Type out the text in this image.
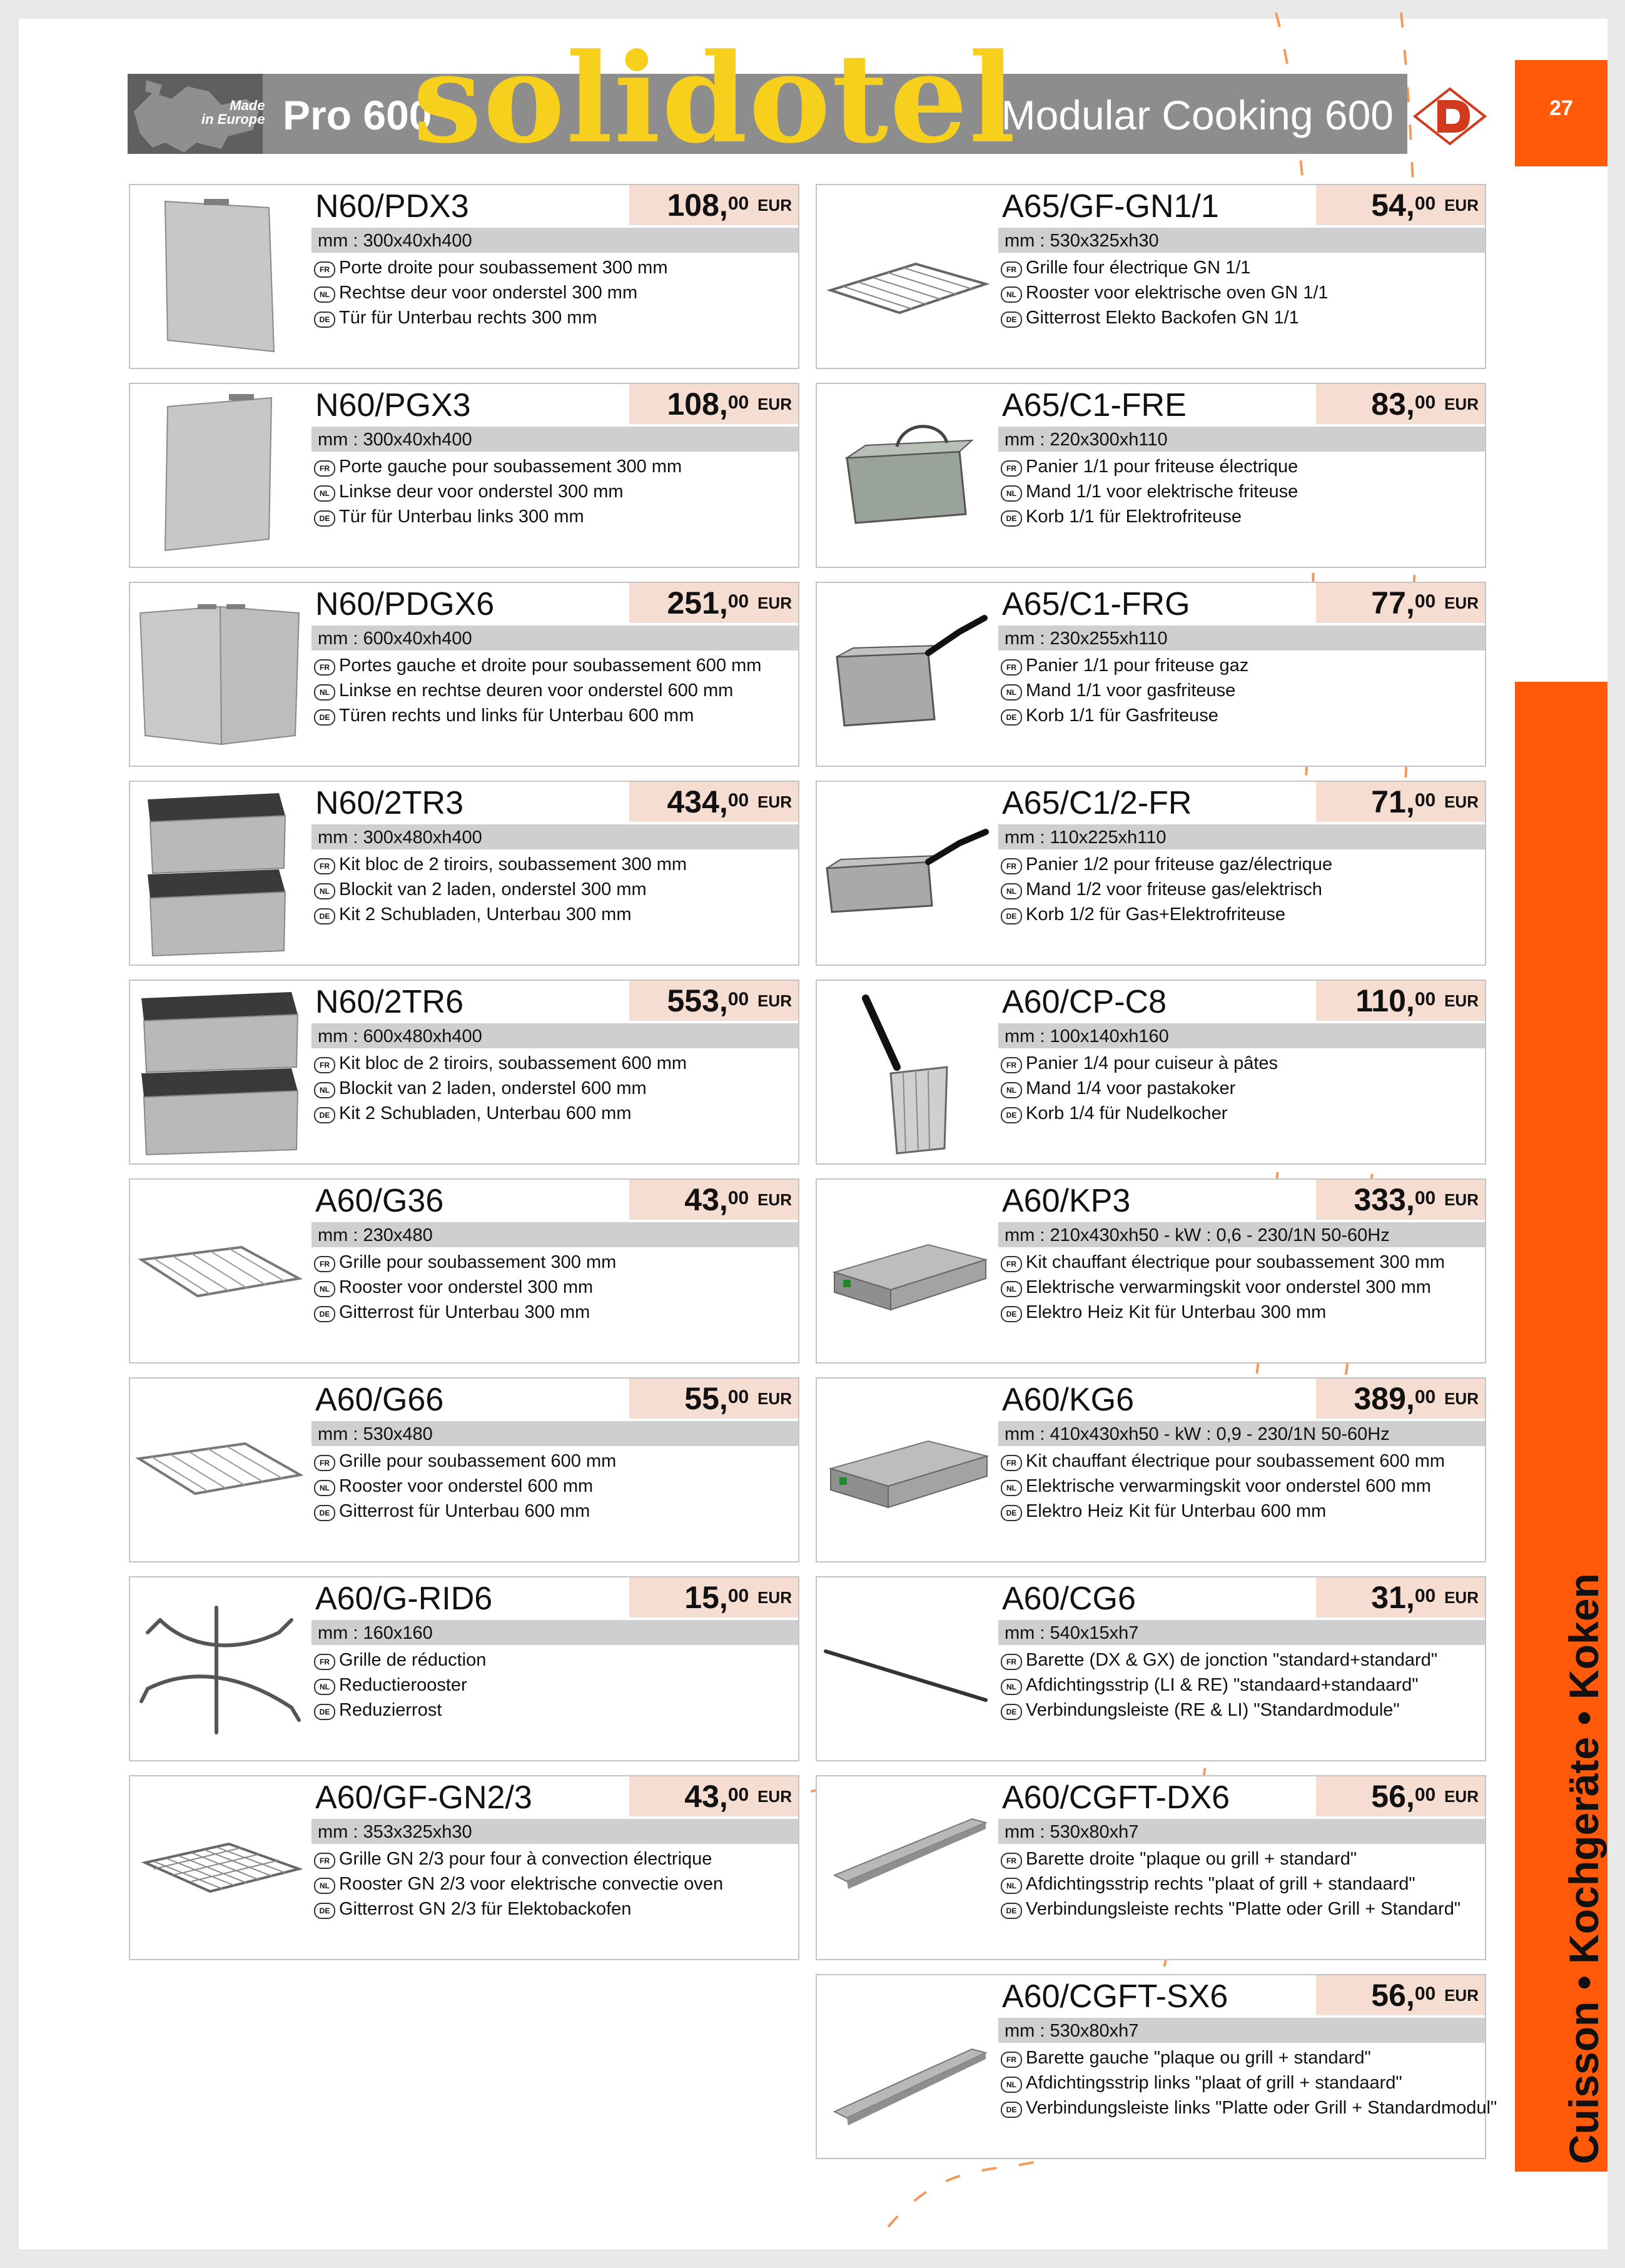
Made
in Europe Pro 600	Modular Cooking 600
solidotel	27
Cuisson • Kochgeräte • Koken
N60/PDX3	108,00 $^{EUR}$
mm : 300x40xh400
FR Porte droite pour soubassement 300 mm
NL Rechtse deur voor onderstel 300 mm
DE Tür für Unterbau rechts 300 mm
N60/PGX3	108,00 $^{EUR}$
mm : 300x40xh400
FR Porte gauche pour soubassement 300 mm
NL Linkse deur voor onderstel 300 mm
DE Tür für Unterbau links 300 mm
N60/PDGX6	251,00 $^{EUR}$
mm : 600x40xh400
FR Portes gauche et droite pour soubassement 600 mm
NL Linkse en rechtse deuren voor onderstel 600 mm
DE Türen rechts und links für Unterbau 600 mm
N60/2TR3	434,00 $^{EUR}$
mm : 300x480xh400
FR Kit bloc de 2 tiroirs, soubassement 300 mm
NL Blockit van 2 laden, onderstel 300 mm
DE Kit 2 Schubladen, Unterbau 300 mm
N60/2TR6	553,00 $^{EUR}$
mm : 600x480xh400
FR Kit bloc de 2 tiroirs, soubassement 600 mm
NL Blockit van 2 laden, onderstel 600 mm
DE Kit 2 Schubladen, Unterbau 600 mm
A60/G36	43,00 $^{EUR}$
mm : 230x480
FR Grille pour soubassement 300 mm
NL Rooster voor onderstel 300 mm
DE Gitterrost für Unterbau 300 mm
A60/G66	55,00 $^{EUR}$
mm : 530x480
FR Grille pour soubassement 600 mm
NL Rooster voor onderstel 600 mm
DE Gitterrost für Unterbau 600 mm
A60/G-RID6	15,00 $^{EUR}$
mm : 160x160
FR Grille de réduction
NL Reductierooster
DE Reduzierrost
A60/GF-GN2/3	43,00 $^{EUR}$
mm : 353x325xh30
FR Grille GN 2/3 pour four à convection électrique
NL Rooster GN 2/3 voor elektrische convectie oven
DE Gitterrost GN 2/3 für Elektobackofen
A65/GF-GN1/1	54,00 $^{EUR}$
mm : 530x325xh30
FR Grille four électrique GN 1/1
NL Rooster voor elektrische oven GN 1/1
DE Gitterrost Elekto Backofen GN 1/1
A65/C1-FRE	83,00 $^{EUR}$
mm : 220x300xh110
FR Panier 1/1 pour friteuse électrique
NL Mand 1/1 voor elektrische friteuse
DE Korb 1/1 für Elektrofriteuse
A65/C1-FRG	77,00 $^{EUR}$
mm : 230x255xh110
FR Panier 1/1 pour friteuse gaz
NL Mand 1/1 voor gasfriteuse
DE Korb 1/1 für Gasfriteuse
A65/C1/2-FR	71,00 $^{EUR}$
mm : 110x225xh110
FR Panier 1/2 pour friteuse gaz/électrique
NL Mand 1/2 voor friteuse gas/elektrisch
DE Korb 1/2 für Gas+Elektrofriteuse
A60/CP-C8	110,00 $^{EUR}$
mm : 100x140xh160
FR Panier 1/4 pour cuiseur à pâtes
NL Mand 1/4 voor pastakoker
DE Korb 1/4 für Nudelkocher
A60/KP3	333,00 $^{EUR}$
mm : 210x430xh50 - kW : 0,6 - 230/1N 50-60Hz
FR Kit chauffant électrique pour soubassement 300 mm
NL Elektrische verwarmingskit voor onderstel 300 mm
DE Elektro Heiz Kit für Unterbau 300 mm
A60/KG6	389,00 $^{EUR}$
mm : 410x430xh50 - kW : 0,9 - 230/1N 50-60Hz
FR Kit chauffant électrique pour soubassement 600 mm
NL Elektrische verwarmingskit voor onderstel 600 mm
DE Elektro Heiz Kit für Unterbau 600 mm
A60/CG6	31,00 $^{EUR}$
mm : 540x15xh7
FR Barette (DX & GX) de jonction "standard+standard"
NL Afdichtingsstrip (LI & RE) "standaard+standaard"
DE Verbindungsleiste (RE & LI) "Standardmodule"
A60/CGFT-DX6	56,00 $^{EUR}$
mm : 530x80xh7
FR Barette droite "plaque ou grill + standard"
NL Afdichtingsstrip rechts "plaat of grill + standaard"
DE Verbindungsleiste rechts "Platte oder Grill + Standard"
A60/CGFT-SX6	56,00 $^{EUR}$
mm : 530x80xh7
FR Barette gauche "plaque ou grill + standard"
NL Afdichtingsstrip links "plaat of grill + standaard"
DE Verbindungsleiste links "Platte oder Grill + Standardmodul"
